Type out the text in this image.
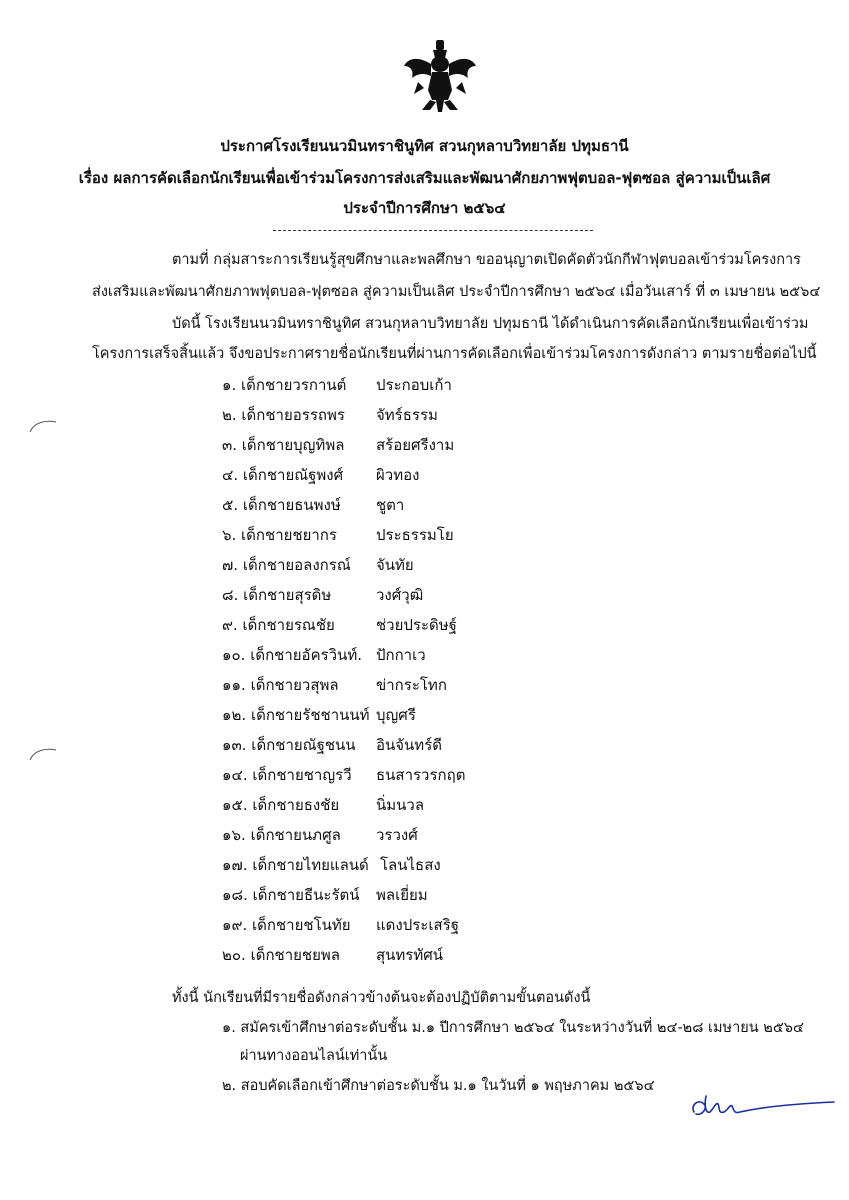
ประกาศโรงเรียนนวมินทราชินูทิศ สวนกุหลาบวิทยาลัย ปทุมธานี
เรื่อง ผลการคัดเลือกนักเรียนเพื่อเข้าร่วมโครงการส่งเสริมและพัฒนาศักยภาพฟุตบอล-ฟุตซอล สู่ความเป็นเลิศ
ประจำปีการศึกษา ๒๕๖๔
ตามที่ กลุ่มสาระการเรียนรู้สุขศึกษาและพลศึกษา ขออนุญาตเปิดคัดตัวนักกีฬาฟุตบอลเข้าร่วมโครงการ
ส่งเสริมและพัฒนาศักยภาพฟุตบอล-ฟุตซอล สู่ความเป็นเลิศ ประจำปีการศึกษา ๒๕๖๔ เมื่อวันเสาร์ ที่ ๓ เมษายน ๒๕๖๔
บัดนี้ โรงเรียนนวมินทราชินูทิศ สวนกุหลาบวิทยาลัย ปทุมธานี ได้ดำเนินการคัดเลือกนักเรียนเพื่อเข้าร่วม
โครงการเสร็จสิ้นแล้ว จึงขอประกาศรายชื่อนักเรียนที่ผ่านการคัดเลือกเพื่อเข้าร่วมโครงการดังกล่าว ตามรายชื่อต่อไปนี้
๑. เด็กชายวรกานต์ ประกอบเก้า
๒. เด็กชายอรรถพร จัทร์ธรรม
๓. เด็กชายบุญทิพล สร้อยศรีงาม
๔. เด็กชายณัฐพงศ์ ผิวทอง
๕. เด็กชายธนพงษ์ ชูตา
๖. เด็กชายชยากร	ประธรรมโย
๗. เด็กชายอลงกรณ์ จันทัย
๘. เด็กชายสุรดิษ	วงศ์วุฒิ
๙. เด็กชายรณชัย	ช่วยประดิษฐ์
๑๐. เด็กชายอัครวินท์. ปักกาเว
๑๑. เด็กชายวสุพล ข่ากระโทก
๑๒. เด็กชายรัชชานนท์ บุญศรี
๑๓. เด็กชายณัฐชนน อินจันทร์ดี
๑๔. เด็กชายชาญรวี ธนสารวรกฤต
๑๕. เด็กชายธงชัย นิ่มนวล
๑๖. เด็กชายนภศูล วรวงศ์
๑๗. เด็กชายไทยแลนด์ โลนไธสง
๑๘. เด็กชายธีนะรัตน์ พลเยี่ยม
๑๙. เด็กชายชโนทัย แดงประเสริฐ
๒๐. เด็กชายชยพล สุนทรทัศน์
ทั้งนี้ นักเรียนที่มีรายชื่อดังกล่าวข้างต้นจะต้องปฏิบัติตามขั้นตอนดังนี้
๑. สมัครเข้าศึกษาต่อระดับชั้น ม.๑ ปีการศึกษา ๒๕๖๔ ในระหว่างวันที่ ๒๔-๒๘ เมษายน ๒๕๖๔
ผ่านทางออนไลน์เท่านั้น
๒. สอบคัดเลือกเข้าศึกษาต่อระดับชั้น ม.๑ ในวันที่ ๑ พฤษภาคม ๒๕๖๔
